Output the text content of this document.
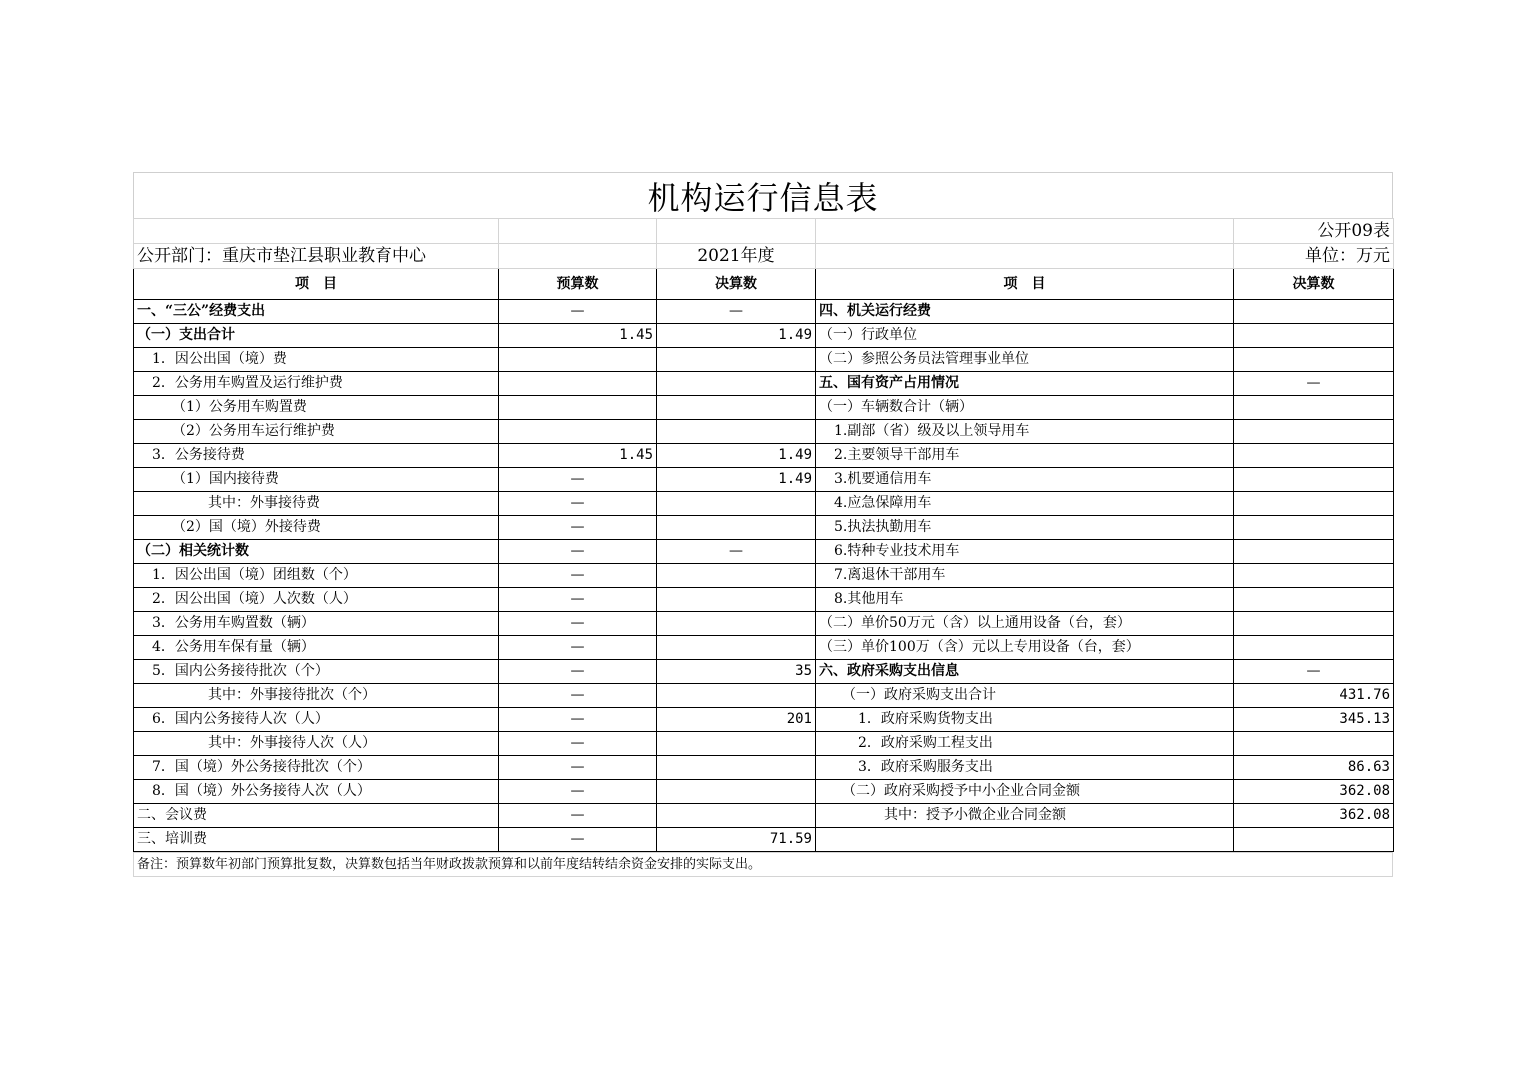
机构运行信息表
				公开09表
公开部门：重庆市垫江县职业教育中心		2021年度		单位：万元
项　目	预算数	决算数	项　目	决算数
一、“三公”经费支出	—	—	四、机关运行经费	
（一）支出合计	1.45	1.49	（一）行政单位	
1．因公出国（境）费			（二）参照公务员法管理事业单位	
2．公务用车购置及运行维护费			五、国有资产占用情况	—
（1）公务用车购置费			（一）车辆数合计（辆）	
（2）公务用车运行维护费			1.副部（省）级及以上领导用车	
3．公务接待费	1.45	1.49	2.主要领导干部用车	
（1）国内接待费	—	1.49	3.机要通信用车	
其中：外事接待费	—		4.应急保障用车	
（2）国（境）外接待费	—		5.执法执勤用车	
（二）相关统计数	—	—	6.特种专业技术用车	
1．因公出国（境）团组数（个）	—		7.离退休干部用车	
2．因公出国（境）人次数（人）	—		8.其他用车	
3．公务用车购置数（辆）	—		（二）单价50万元（含）以上通用设备（台，套）	
4．公务用车保有量（辆）	—		（三）单价100万（含）元以上专用设备（台，套）	
5．国内公务接待批次（个）	—	35	六、政府采购支出信息	—
其中：外事接待批次（个）	—		（一）政府采购支出合计	431.76
6．国内公务接待人次（人）	—	201	1．政府采购货物支出	345.13
其中：外事接待人次（人）	—		2．政府采购工程支出	
7．国（境）外公务接待批次（个）	—		3．政府采购服务支出	86.63
8．国（境）外公务接待人次（人）	—		（二）政府采购授予中小企业合同金额	362.08
二、会议费	—		其中：授予小微企业合同金额	362.08
三、培训费	—	71.59		
备注：预算数年初部门预算批复数，决算数包括当年财政拨款预算和以前年度结转结余资金安排的实际支出。
